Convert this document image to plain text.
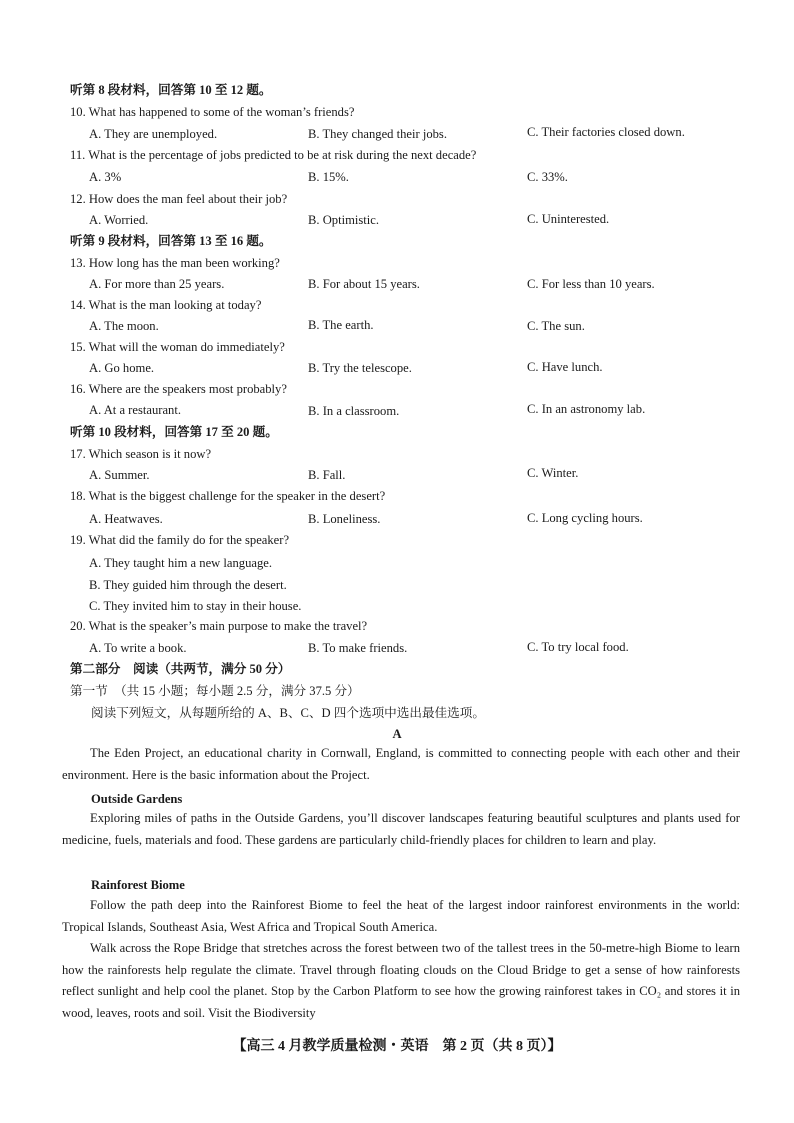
听第 8 段材料，回答第 10 至 12 题。
10. What has happened to some of the woman’s friends?
A. They are unemployed.	B. They changed their jobs.	C. Their factories closed down.
11. What is the percentage of jobs predicted to be at risk during the next decade?
A. 3%	B. 15%.	C. 33%.
12. How does the man feel about their job?
A. Worried.	B. Optimistic.	C. Uninterested.
听第 9 段材料，回答第 13 至 16 题。
13. How long has the man been working?
A. For more than 25 years.	B. For about 15 years.	C. For less than 10 years.
14. What is the man looking at today?
A. The moon.	B. The earth.	C. The sun.
15. What will the woman do immediately?
A. Go home.	B. Try the telescope.	C. Have lunch.
16. Where are the speakers most probably?
A. At a restaurant.	B. In a classroom.	C. In an astronomy lab.
听第 10 段材料，回答第 17 至 20 题。
17. Which season is it now?
A. Summer.	B. Fall.	C. Winter.
18. What is the biggest challenge for the speaker in the desert?
A. Heatwaves.	B. Loneliness.	C. Long cycling hours.
19. What did the family do for the speaker?
A. They taught him a new language.
B. They guided him through the desert.
C. They invited him to stay in their house.
20. What is the speaker’s main purpose to make the travel?
A. To write a book.	B. To make friends.	C. To try local food.
第二部分　阅读（共两节，满分 50 分）
第一节　（共 15 小题；每小题 2.5 分，满分 37.5 分）
阅读下列短文，从每题所给的 A、B、C、D 四个选项中选出最佳选项。
A
The Eden Project, an educational charity in Cornwall, England, is committed to connecting people with each other and their environment. Here is the basic information about the Project.
Outside Gardens
Exploring miles of paths in the Outside Gardens, you’ll discover landscapes featuring beautiful sculptures and plants used for medicine, fuels, materials and food. These gardens are particularly child-friendly places for children to learn and play.
Rainforest Biome
Follow the path deep into the Rainforest Biome to feel the heat of the largest indoor rainforest environments in the world: Tropical Islands, Southeast Asia, West Africa and Tropical South America.
Walk across the Rope Bridge that stretches across the forest between two of the tallest trees in the 50-metre-high Biome to learn how the rainforests help regulate the climate. Travel through floating clouds on the Cloud Bridge to get a sense of how rainforests reflect sunlight and help cool the planet. Stop by the Carbon Platform to see how the growing rainforest takes in CO₂ and stores it in wood, leaves, roots and soil. Visit the Biodiversity
【高三 4 月教学质量检测・英语　第 2 页（共 8 页）】
